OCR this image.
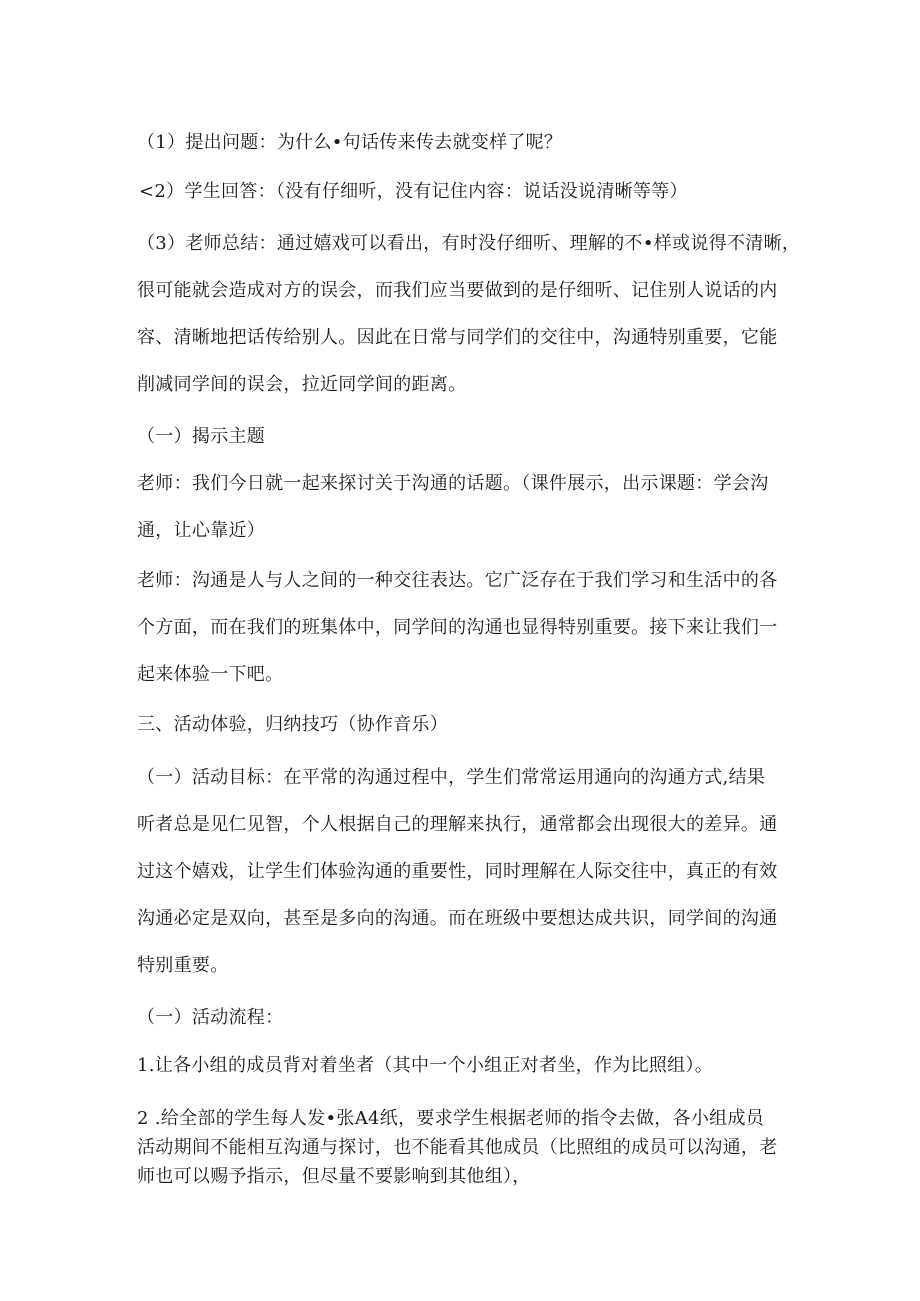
（1）提出问题：为什么•句话传来传去就变样了呢？
<2）学生回答：（没有仔细听，没有记住内容：说话没说清晰等等）
（3）老师总结：通过嬉戏可以看出，有时没仔细听、理解的不•样或说得不清晰，
很可能就会造成对方的误会，而我们应当要做到的是仔细听、记住别人说话的内
容、清晰地把话传给别人。因此在日常与同学们的交往中，沟通特别重要，它能
削减同学间的误会，拉近同学间的距离。
（一）揭示主题
老师：我们今日就一起来探讨关于沟通的话题。（课件展示，出示课题：学会沟
通，让心靠近）
老师：沟通是人与人之间的一种交往表达。它广泛存在于我们学习和生活中的各
个方面，而在我们的班集体中，同学间的沟通也显得特别重要。接下来让我们一
起来体验一下吧。
三、活动体验，归纳技巧（协作音乐）
（一）活动目标：在平常的沟通过程中，学生们常常运用通向的沟通方式,结果
听者总是见仁见智，个人根据自己的理解来执行，通常都会出现很大的差异。通
过这个嬉戏，让学生们体验沟通的重要性，同时理解在人际交往中，真正的有效
沟通必定是双向，甚至是多向的沟通。而在班级中要想达成共识，同学间的沟通
特别重要。
（一）活动流程：
1.让各小组的成员背对着坐者（其中一个小组正对者坐，作为比照组）。
2 .给全部的学生每人发•张A4纸，要求学生根据老师的指令去做，各小组成员
活动期间不能相互沟通与探讨，也不能看其他成员（比照组的成员可以沟通，老
师也可以赐予指示，但尽量不要影响到其他组），
